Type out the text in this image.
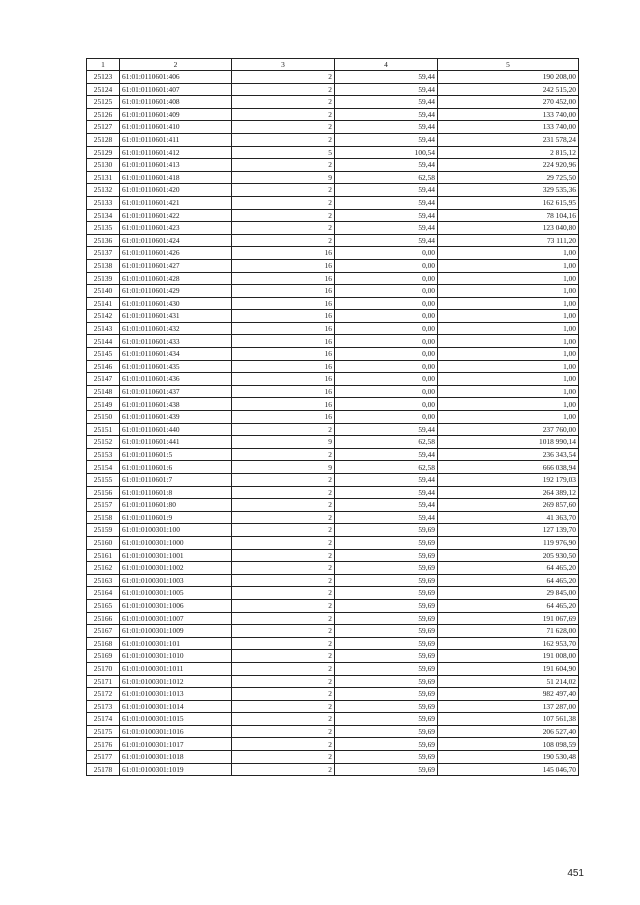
1	2	3	4	5
25123	61:01:0110601:406	2	59,44	190 208,00
25124	61:01:0110601:407	2	59,44	242 515,20
25125	61:01:0110601:408	2	59,44	270 452,00
25126	61:01:0110601:409	2	59,44	133 740,00
25127	61:01:0110601:410	2	59,44	133 740,00
25128	61:01:0110601:411	2	59,44	231 578,24
25129	61:01:0110601:412	5	100,54	2 815,12
25130	61:01:0110601:413	2	59,44	224 920,96
25131	61:01:0110601:418	9	62,58	29 725,50
25132	61:01:0110601:420	2	59,44	329 535,36
25133	61:01:0110601:421	2	59,44	162 615,95
25134	61:01:0110601:422	2	59,44	78 104,16
25135	61:01:0110601:423	2	59,44	123 040,80
25136	61:01:0110601:424	2	59,44	73 111,20
25137	61:01:0110601:426	16	0,00	1,00
25138	61:01:0110601:427	16	0,00	1,00
25139	61:01:0110601:428	16	0,00	1,00
25140	61:01:0110601:429	16	0,00	1,00
25141	61:01:0110601:430	16	0,00	1,00
25142	61:01:0110601:431	16	0,00	1,00
25143	61:01:0110601:432	16	0,00	1,00
25144	61:01:0110601:433	16	0,00	1,00
25145	61:01:0110601:434	16	0,00	1,00
25146	61:01:0110601:435	16	0,00	1,00
25147	61:01:0110601:436	16	0,00	1,00
25148	61:01:0110601:437	16	0,00	1,00
25149	61:01:0110601:438	16	0,00	1,00
25150	61:01:0110601:439	16	0,00	1,00
25151	61:01:0110601:440	2	59,44	237 760,00
25152	61:01:0110601:441	9	62,58	1018 990,14
25153	61:01:0110601:5	2	59,44	236 343,54
25154	61:01:0110601:6	9	62,58	666 038,94
25155	61:01:0110601:7	2	59,44	192 179,03
25156	61:01:0110601:8	2	59,44	264 389,12
25157	61:01:0110601:80	2	59,44	269 857,60
25158	61:01:0110601:9	2	59,44	41 363,70
25159	61:01:0100301:100	2	59,69	127 139,70
25160	61:01:0100301:1000	2	59,69	119 976,90
25161	61:01:0100301:1001	2	59,69	205 930,50
25162	61:01:0100301:1002	2	59,69	64 465,20
25163	61:01:0100301:1003	2	59,69	64 465,20
25164	61:01:0100301:1005	2	59,69	29 845,00
25165	61:01:0100301:1006	2	59,69	64 465,20
25166	61:01:0100301:1007	2	59,69	191 067,69
25167	61:01:0100301:1009	2	59,69	71 628,00
25168	61:01:0100301:101	2	59,69	162 953,70
25169	61:01:0100301:1010	2	59,69	191 008,00
25170	61:01:0100301:1011	2	59,69	191 604,90
25171	61:01:0100301:1012	2	59,69	51 214,02
25172	61:01:0100301:1013	2	59,69	982 497,40
25173	61:01:0100301:1014	2	59,69	137 287,00
25174	61:01:0100301:1015	2	59,69	107 561,38
25175	61:01:0100301:1016	2	59,69	206 527,40
25176	61:01:0100301:1017	2	59,69	108 098,59
25177	61:01:0100301:1018	2	59,69	190 530,48
25178	61:01:0100301:1019	2	59,69	145 046,70
451
